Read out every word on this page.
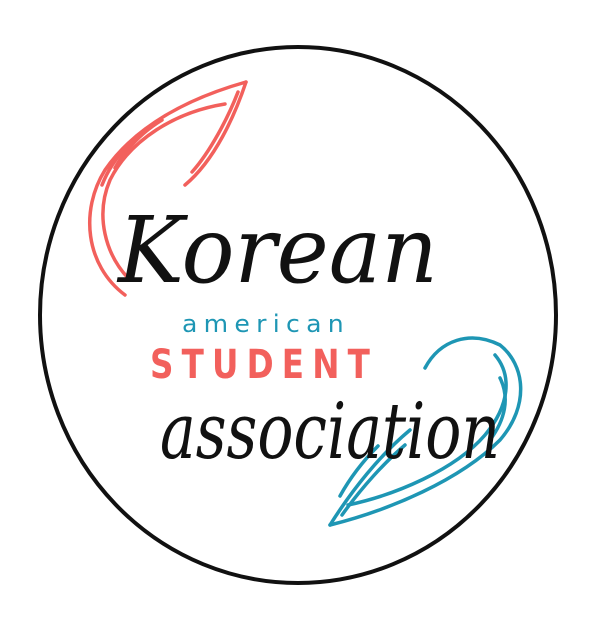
Korean
american
STUDENT
association
